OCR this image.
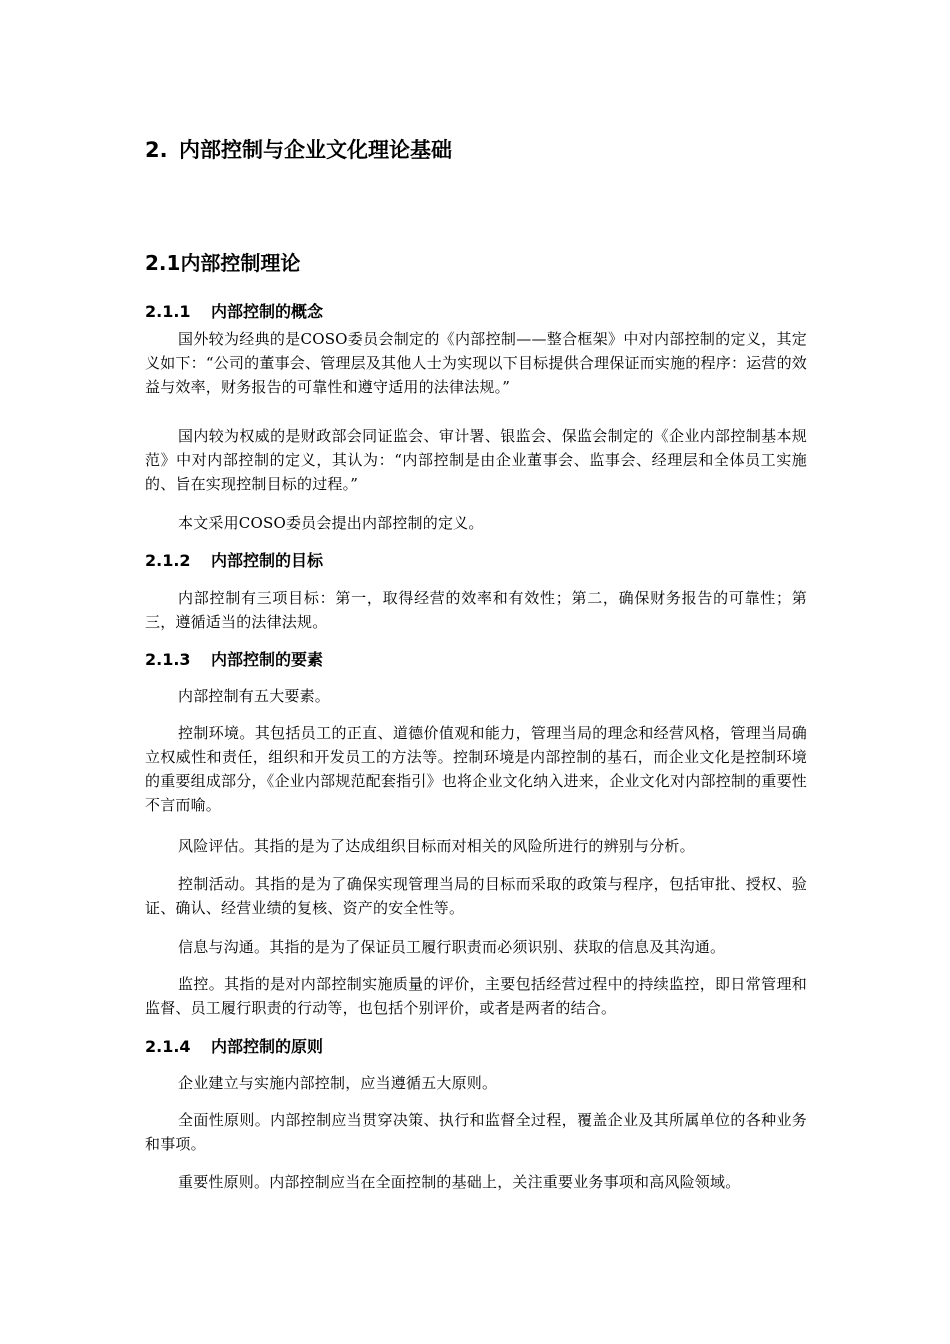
2. 内部控制与企业文化理论基础
2.1内部控制理论
2.1.1 内部控制的概念

国外较为经典的是COSO委员会制定的《内部控制——整合框架》中对内部控制的定义，其定义如下：“公司的董事会、管理层及其他人士为实现以下目标提供合理保证而实施的程序：运营的效益与效率，财务报告的可靠性和遵守适用的法律法规。”

国内较为权威的是财政部会同证监会、审计署、银监会、保监会制定的《企业内部控制基本规范》中对内部控制的定义，其认为：“内部控制是由企业董事会、监事会、经理层和全体员工实施的、旨在实现控制目标的过程。”

本文采用COSO委员会提出内部控制的定义。

2.1.2 内部控制的目标

内部控制有三项目标：第一，取得经营的效率和有效性；第二，确保财务报告的可靠性；第三，遵循适当的法律法规。

2.1.3 内部控制的要素

内部控制有五大要素。

控制环境。其包括员工的正直、道德价值观和能力，管理当局的理念和经营风格，管理当局确立权威性和责任，组织和开发员工的方法等。控制环境是内部控制的基石，而企业文化是控制环境的重要组成部分，《企业内部规范配套指引》也将企业文化纳入进来，企业文化对内部控制的重要性不言而喻。

风险评估。其指的是为了达成组织目标而对相关的风险所进行的辨别与分析。

控制活动。其指的是为了确保实现管理当局的目标而采取的政策与程序，包括审批、授权、验证、确认、经营业绩的复核、资产的安全性等。

信息与沟通。其指的是为了保证员工履行职责而必须识别、获取的信息及其沟通。

监控。其指的是对内部控制实施质量的评价，主要包括经营过程中的持续监控，即日常管理和监督、员工履行职责的行动等，也包括个别评价，或者是两者的结合。

2.1.4 内部控制的原则

企业建立与实施内部控制，应当遵循五大原则。

全面性原则。内部控制应当贯穿决策、执行和监督全过程，覆盖企业及其所属单位的各种业务和事项。

重要性原则。内部控制应当在全面控制的基础上，关注重要业务事项和高风险领域。
